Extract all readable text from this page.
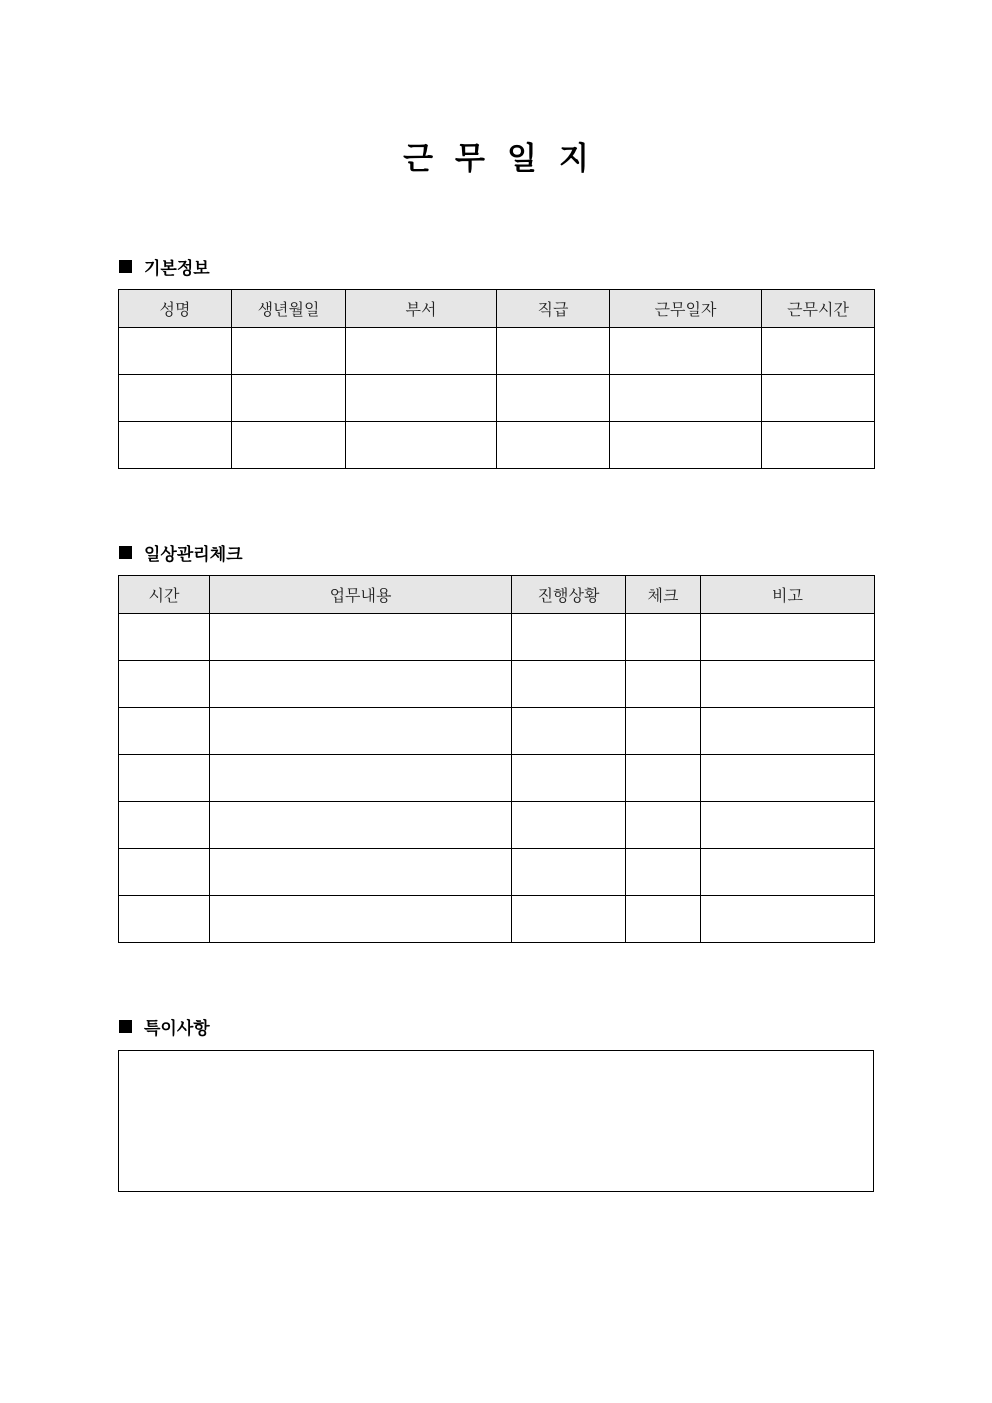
근 무 일 지
기본정보
성명	생년월일	부서	직급	근무일자	근무시간

일상관리체크
시간	업무내용	진행상황	체크	비고

특이사항
